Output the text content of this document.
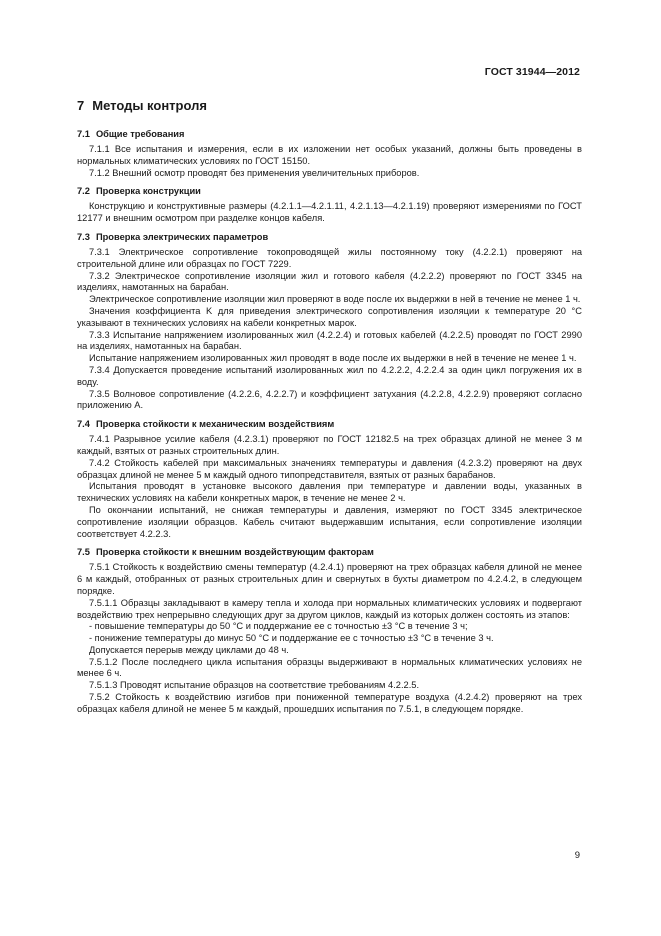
ГОСТ 31944—2012
7 Методы контроля
7.1 Общие требования

7.1.1 Все испытания и измерения, если в их изложении нет особых указаний, должны быть проведены в нормальных климатических условиях по ГОСТ 15150.

7.1.2 Внешний осмотр проводят без применения увеличительных приборов.

7.2 Проверка конструкции

Конструкцию и конструктивные размеры (4.2.1.1—4.2.1.11, 4.2.1.13—4.2.1.19) проверяют измерениями по ГОСТ 12177 и внешним осмотром при разделке концов кабеля.

7.3 Проверка электрических параметров

7.3.1 Электрическое сопротивление токопроводящей жилы постоянному току (4.2.2.1) проверяют на строительной длине или образцах по ГОСТ 7229.

7.3.2 Электрическое сопротивление изоляции жил и готового кабеля (4.2.2.2) проверяют по ГОСТ 3345 на изделиях, намотанных на барабан.

Электрическое сопротивление изоляции жил проверяют в воде после их выдержки в ней в течение не менее 1 ч.

Значения коэффициента K для приведения электрического сопротивления изоляции к температуре 20 °С указывают в технических условиях на кабели конкретных марок.

7.3.3 Испытание напряжением изолированных жил (4.2.2.4) и готовых кабелей (4.2.2.5) проводят по ГОСТ 2990 на изделиях, намотанных на барабан.

Испытание напряжением изолированных жил проводят в воде после их выдержки в ней в течение не менее 1 ч.

7.3.4 Допускается проведение испытаний изолированных жил по 4.2.2.2, 4.2.2.4 за один цикл погружения их в воду.

7.3.5 Волновое сопротивление (4.2.2.6, 4.2.2.7) и коэффициент затухания (4.2.2.8, 4.2.2.9) проверяют согласно приложению А.

7.4 Проверка стойкости к механическим воздействиям

7.4.1 Разрывное усилие кабеля (4.2.3.1) проверяют по ГОСТ 12182.5 на трех образцах длиной не менее 3 м каждый, взятых от разных строительных длин.

7.4.2 Стойкость кабелей при максимальных значениях температуры и давления (4.2.3.2) проверяют на двух образцах длиной не менее 5 м каждый одного типопредставителя, взятых от разных барабанов.

Испытания проводят в установке высокого давления при температуре и давлении воды, указанных в технических условиях на кабели конкретных марок, в течение не менее 2 ч.

По окончании испытаний, не снижая температуры и давления, измеряют по ГОСТ 3345 электрическое сопротивление изоляции образцов. Кабель считают выдержавшим испытания, если сопротивление изоляции соответствует 4.2.2.3.

7.5 Проверка стойкости к внешним воздействующим факторам

7.5.1 Стойкость к воздействию смены температур (4.2.4.1) проверяют на трех образцах кабеля длиной не менее 6 м каждый, отобранных от разных строительных длин и свернутых в бухты диаметром по 4.2.4.2, в следующем порядке.

7.5.1.1 Образцы закладывают в камеру тепла и холода при нормальных климатических условиях и подвергают воздействию трех непрерывно следующих друг за другом циклов, каждый из которых должен состоять из этапов:

- повышение температуры до 50 °С и поддержание ее с точностью ±3 °С в течение 3 ч;

- понижение температуры до минус 50 °С и поддержание ее с точностью ±3 °С в течение 3 ч.

Допускается перерыв между циклами до 48 ч.

7.5.1.2 После последнего цикла испытания образцы выдерживают в нормальных климатических условиях не менее 6 ч.

7.5.1.3 Проводят испытание образцов на соответствие требованиям 4.2.2.5.

7.5.2 Стойкость к воздействию изгибов при пониженной температуре воздуха (4.2.4.2) проверяют на трех образцах кабеля длиной не менее 5 м каждый, прошедших испытания по 7.5.1, в следующем порядке.

9
